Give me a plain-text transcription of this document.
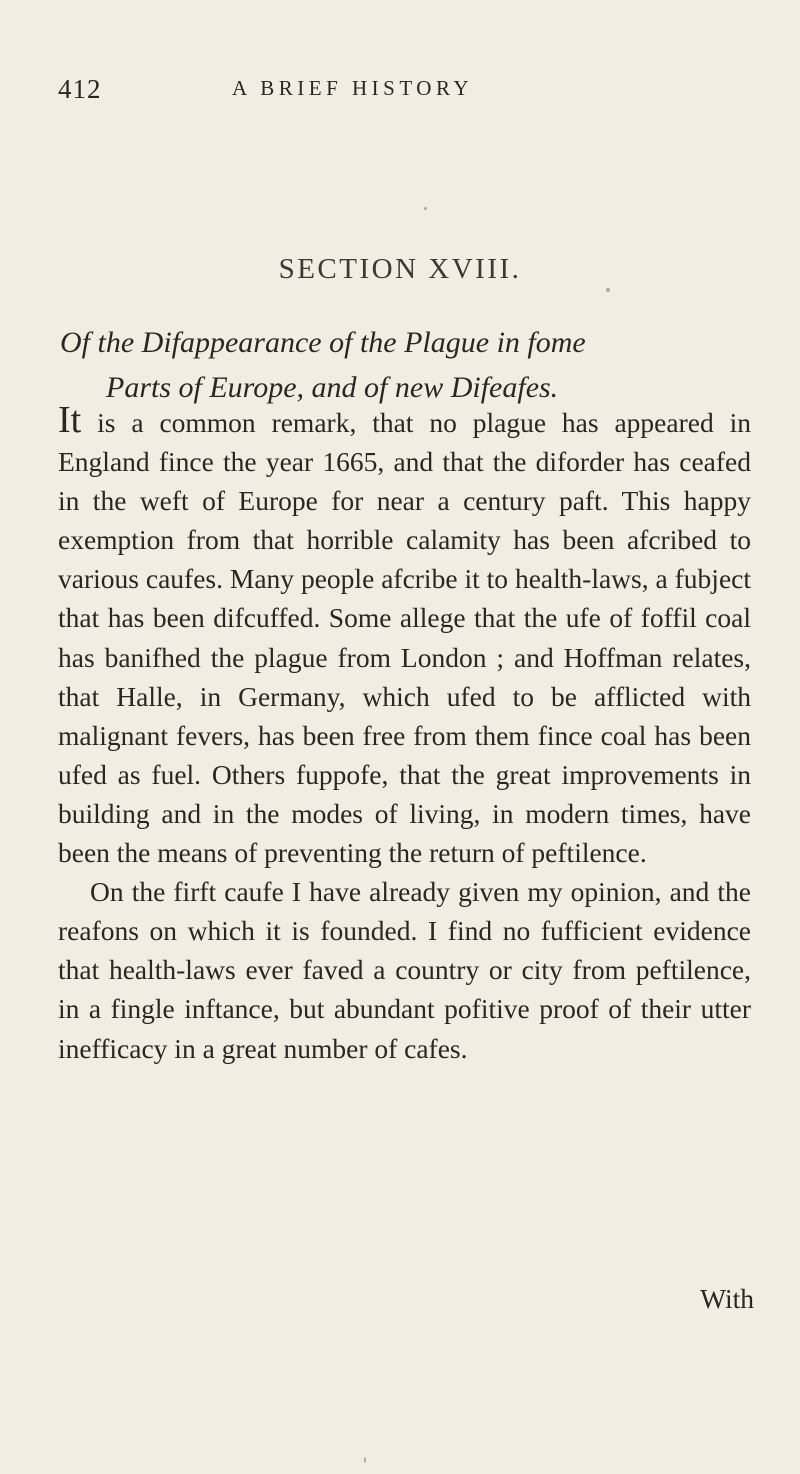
412	A BRIEF HISTORY
SECTION XVIII.
Of the Difappearance of the Plague in fome
Parts of Europe, and of new Difeafes.

It is a common remark, that no plague has appeared in England fince the year 1665, and that the diforder has ceafed in the weft of Europe for near a century paft. This happy exemption from that horrible calamity has been afcribed to various caufes. Many people afcribe it to health-laws, a fubject that has been difcuffed. Some allege that the ufe of foffil coal has banifhed the plague from London ; and Hoffman relates, that Halle, in Germany, which ufed to be afflicted with malignant fevers, has been free from them fince coal has been ufed as fuel. Others fuppofe, that the great improvements in building and in the modes of living, in modern times, have been the means of preventing the return of peftilence.

On the firft caufe I have already given my opinion, and the reafons on which it is founded. I find no fufficient evidence that health-laws ever faved a country or city from peftilence, in a fingle inftance, but abundant pofitive proof of their utter inefficacy in a great number of cafes.

With
